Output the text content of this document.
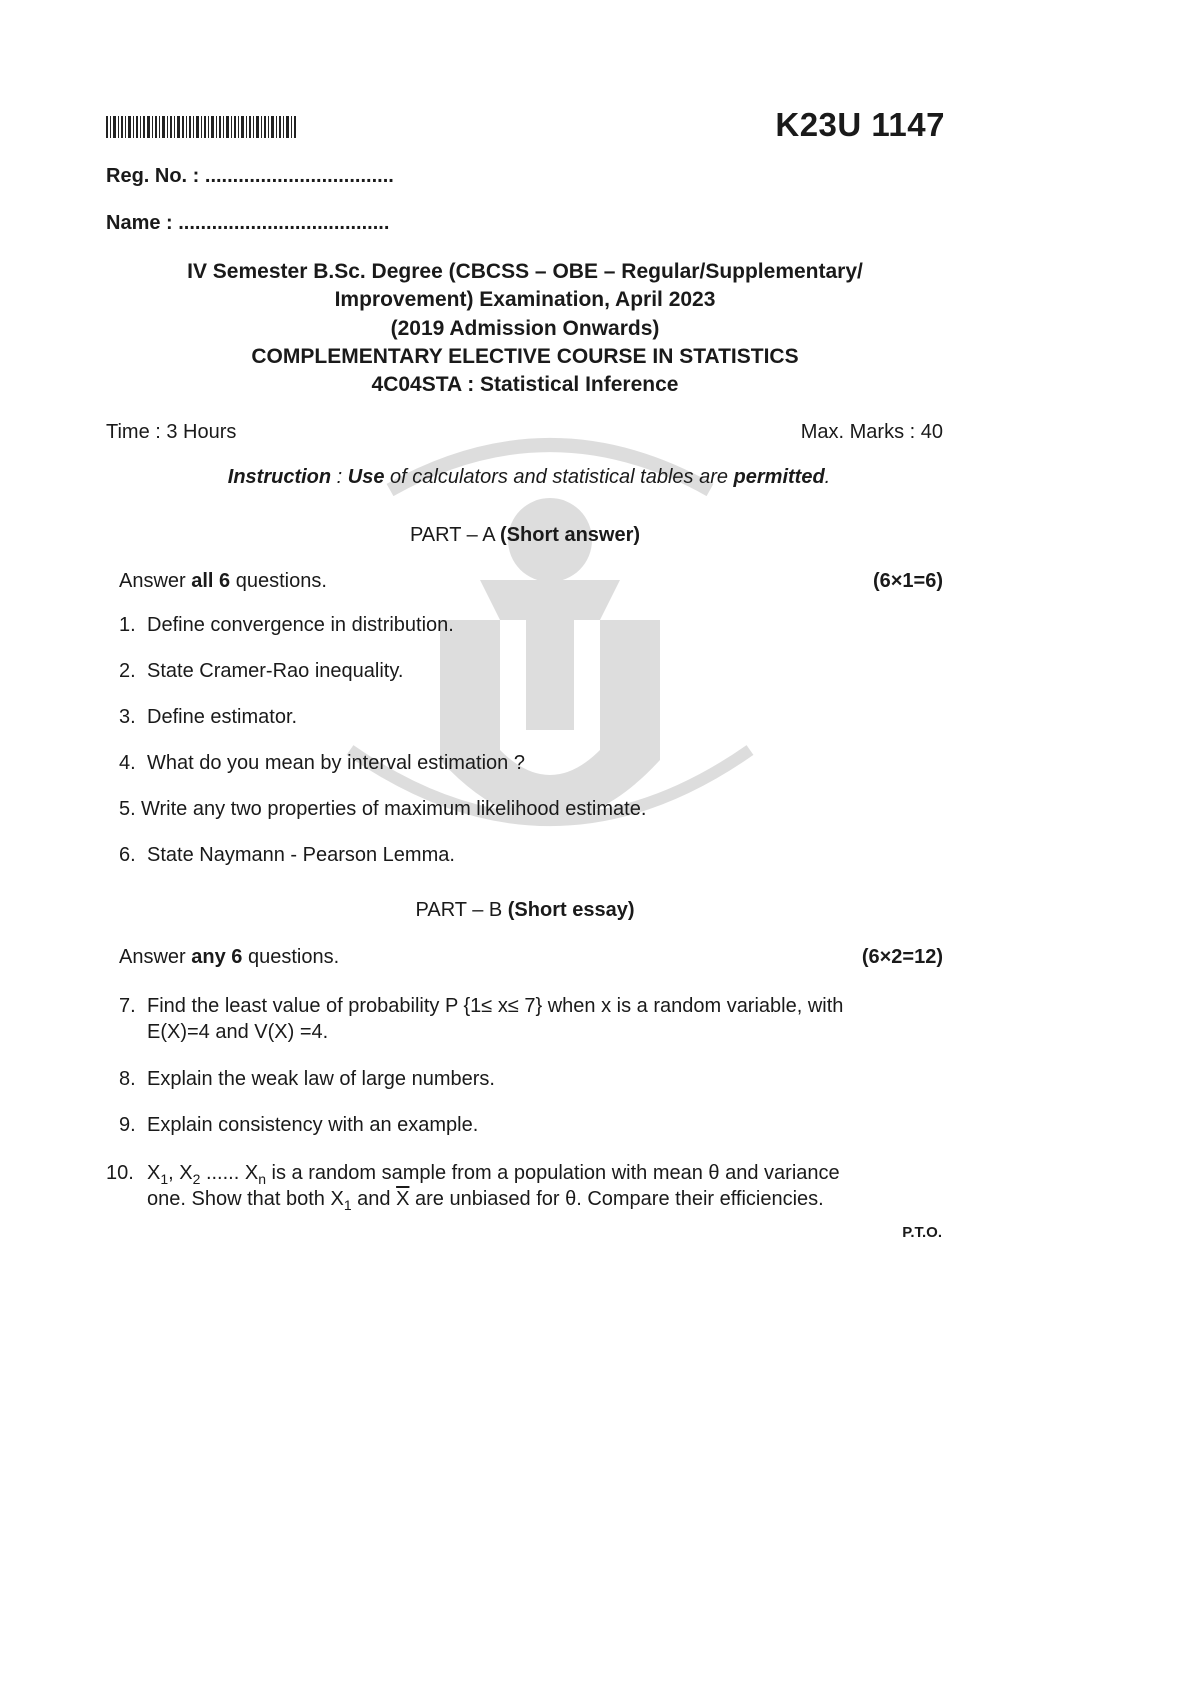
K23U 1147
Reg. No. : ..................................
Name : ......................................
IV Semester B.Sc. Degree (CBCSS – OBE – Regular/Supplementary/
Improvement) Examination, April 2023
(2019 Admission Onwards)
COMPLEMENTARY ELECTIVE COURSE IN STATISTICS
4C04STA : Statistical Inference
Time : 3 Hours	Max. Marks : 40
Instruction : Use of calculators and statistical tables are permitted.
PART – A (Short answer)
Answer all 6 questions.	(6×1=6)
1. Define convergence in distribution.
2. State Cramer-Rao inequality.
3. Define estimator.
4. What do you mean by interval estimation ?
5. Write any two properties of maximum likelihood estimate.
6. State Naymann - Pearson Lemma.
PART – B (Short essay)
Answer any 6 questions.	(6×2=12)
7. Find the least value of probability P {1≤ x≤ 7} when x is a random variable, with
E(X)=4 and V(X) =4.
8. Explain the weak law of large numbers.
9. Explain consistency with an example.
10. $X_1$, $X_2$ ...... $X_n$ is a random sample from a population with mean θ and variance
one. Show that both $X_1$ and $\overline{X}$ are unbiased for θ. Compare their efficiencies.
P.T.O.
